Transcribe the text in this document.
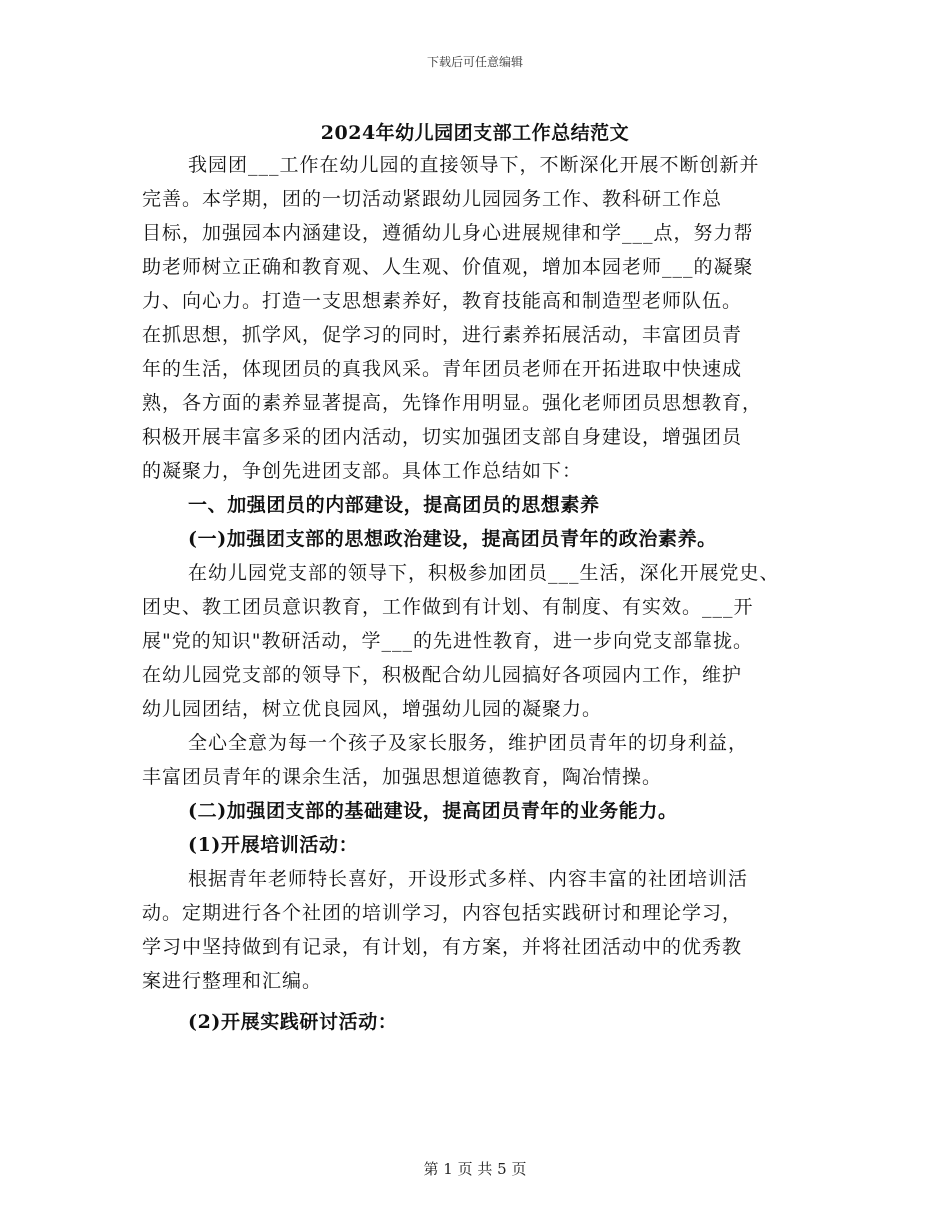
下载后可任意编辑
2024年幼儿园团支部工作总结范文
我园团___工作在幼儿园的直接领导下，不断深化开展不断创新并
完善。本学期，团的一切活动紧跟幼儿园园务工作、教科研工作总
目标，加强园本内涵建设，遵循幼儿身心进展规律和学___点，努力帮
助老师树立正确和教育观、人生观、价值观，增加本园老师___的凝聚
力、向心力。打造一支思想素养好，教育技能高和制造型老师队伍。
在抓思想，抓学风，促学习的同时，进行素养拓展活动，丰富团员青
年的生活，体现团员的真我风采。青年团员老师在开拓进取中快速成
熟，各方面的素养显著提高，先锋作用明显。强化老师团员思想教育，
积极开展丰富多采的团内活动，切实加强团支部自身建设，增强团员
的凝聚力，争创先进团支部。具体工作总结如下：
一、加强团员的内部建设，提高团员的思想素养
(一)加强团支部的思想政治建设，提高团员青年的政治素养。
在幼儿园党支部的领导下，积极参加团员___生活，深化开展党史、
团史、教工团员意识教育，工作做到有计划、有制度、有实效。___开
展"党的知识"教研活动，学___的先进性教育，进一步向党支部靠拢。
在幼儿园党支部的领导下，积极配合幼儿园搞好各项园内工作，维护
幼儿园团结，树立优良园风，增强幼儿园的凝聚力。
全心全意为每一个孩子及家长服务，维护团员青年的切身利益，
丰富团员青年的课余生活，加强思想道德教育，陶冶情操。
(二)加强团支部的基础建设，提高团员青年的业务能力。
(1)开展培训活动：
根据青年老师特长喜好，开设形式多样、内容丰富的社团培训活
动。定期进行各个社团的培训学习，内容包括实践研讨和理论学习，
学习中坚持做到有记录，有计划，有方案，并将社团活动中的优秀教
案进行整理和汇编。
(2)开展实践研讨活动：
第 1 页 共 5 页
